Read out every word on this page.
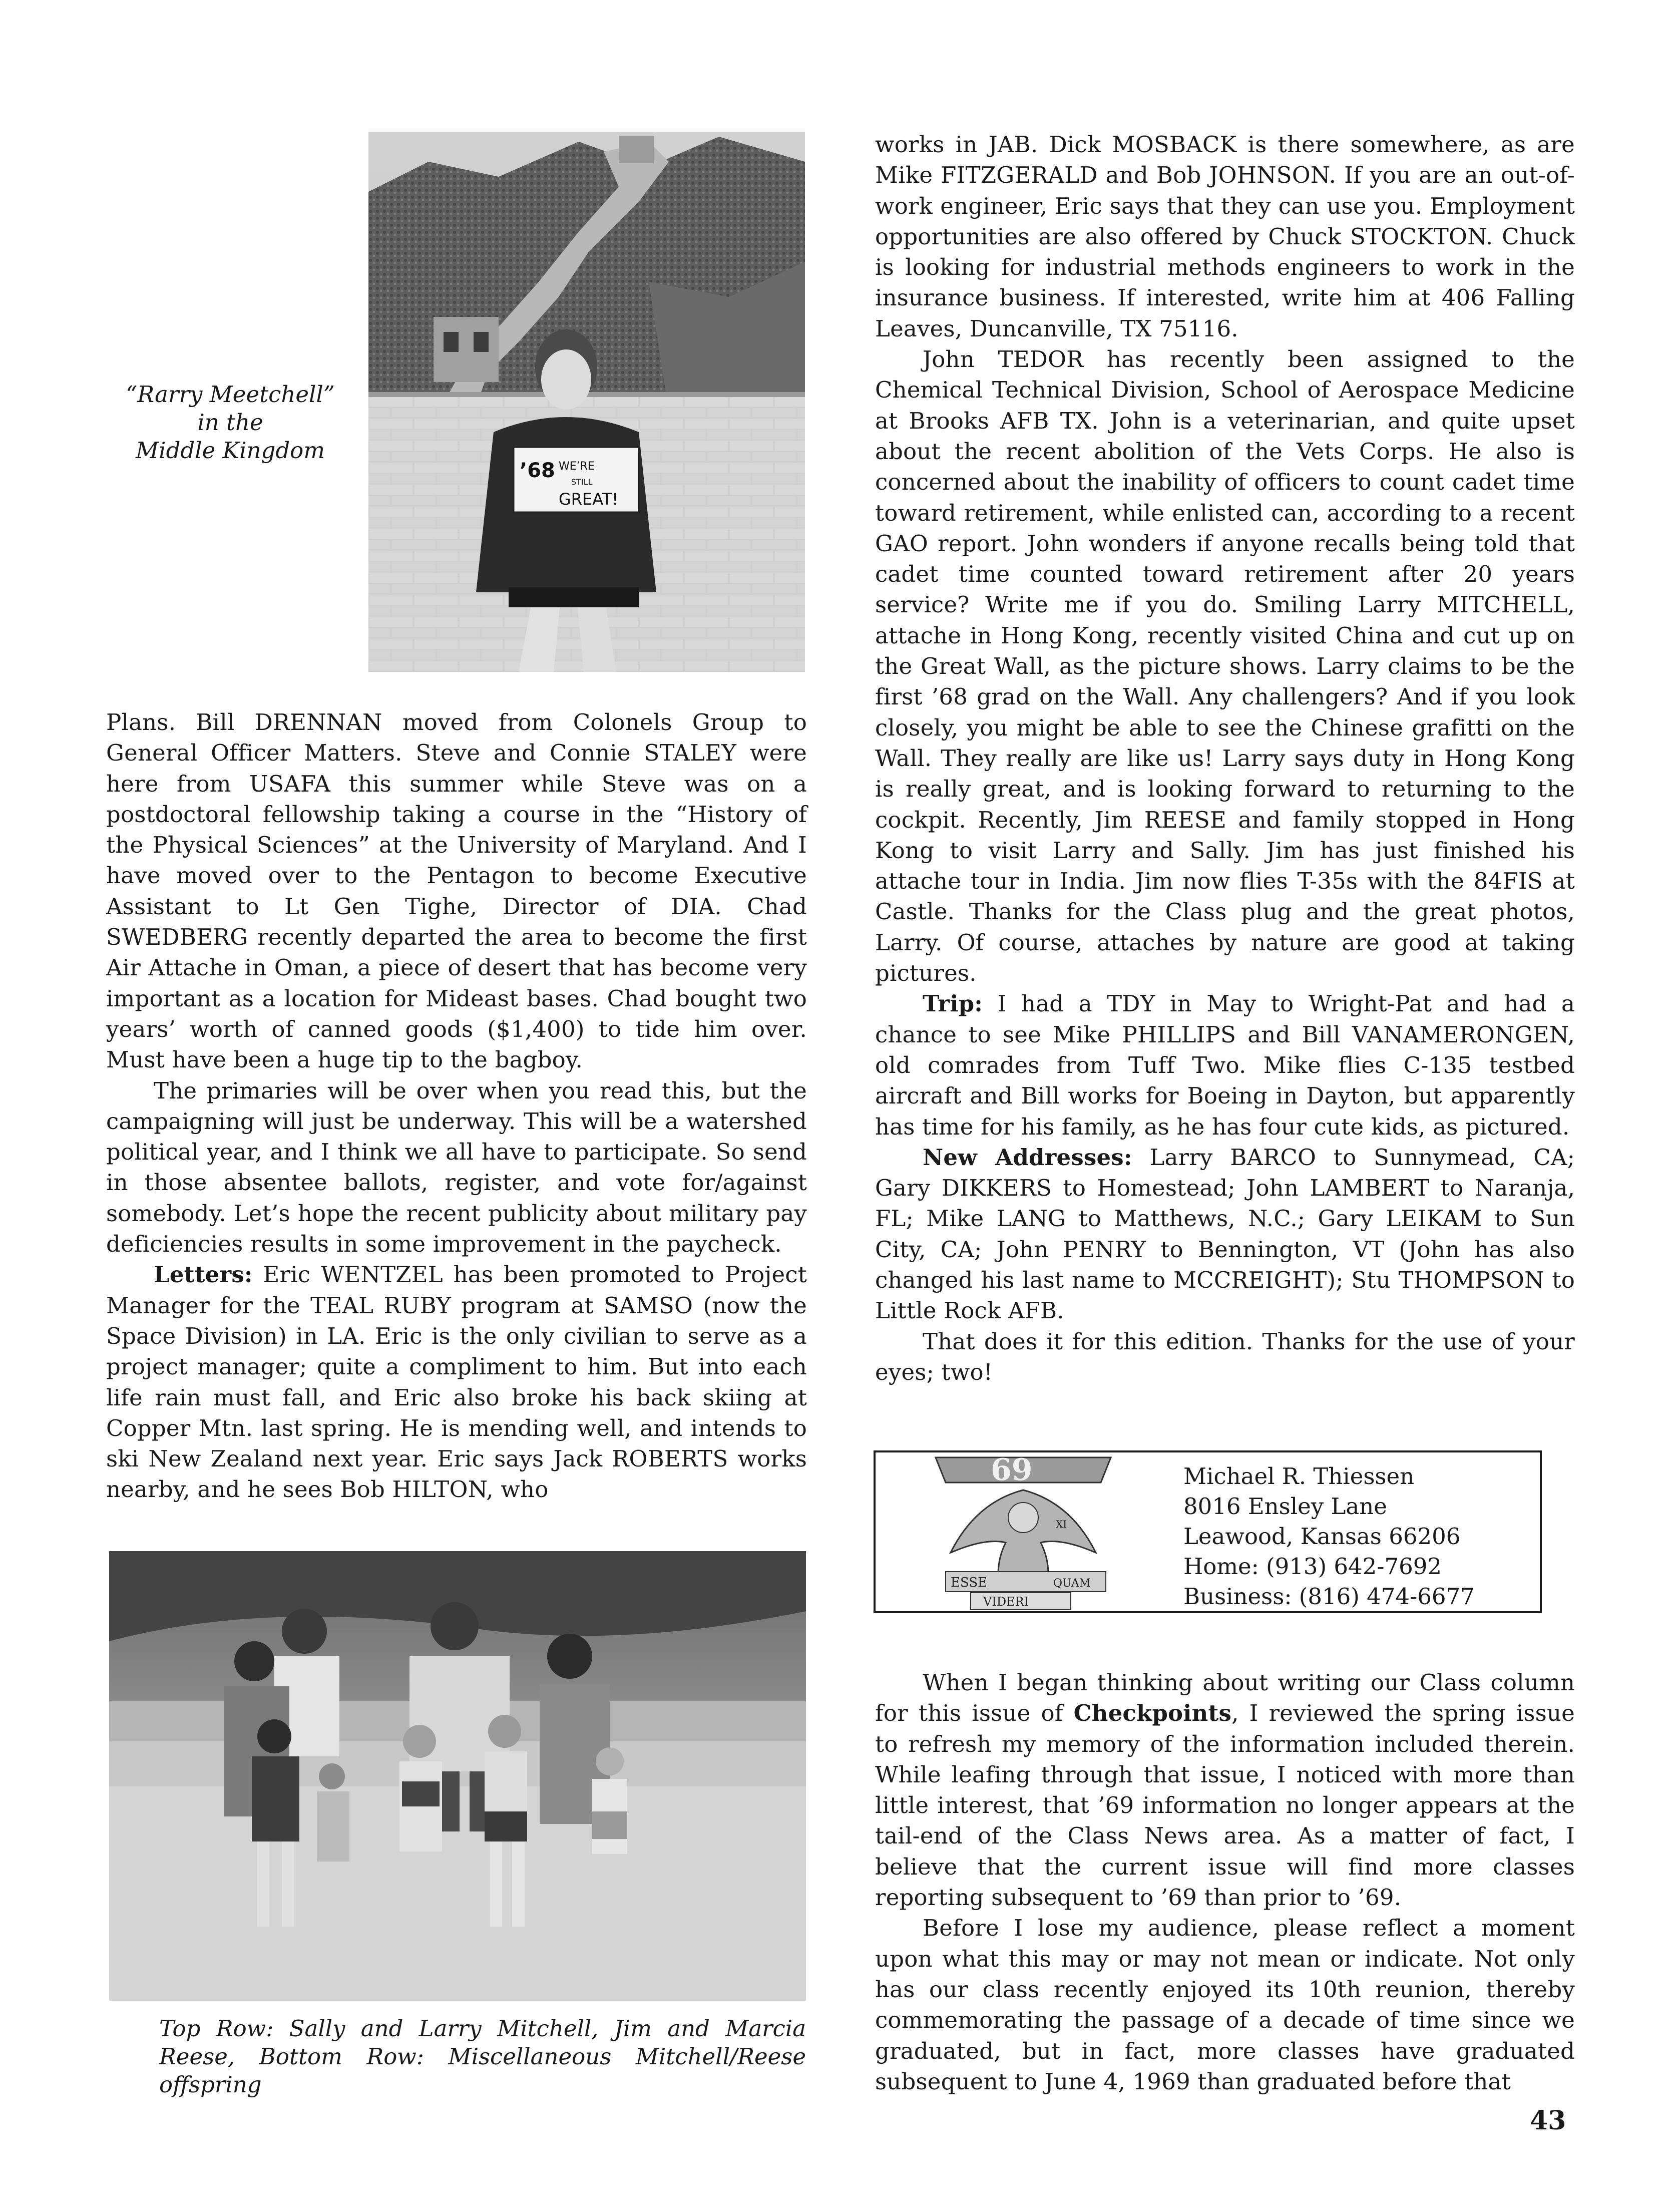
’68 WE’RE
STILL
GREAT!
“Rarry Meetchell”
in the
Middle Kingdom

Plans. Bill DRENNAN moved from Colonels Group to General Officer Matters. Steve and Connie STALEY were here from USAFA this summer while Steve was on a postdoctoral fellowship taking a course in the “History of the Physical Sciences” at the University of Maryland. And I have moved over to the Pentagon to become Executive Assistant to Lt Gen Tighe, Director of DIA. Chad SWEDBERG recently departed the area to become the first Air Attache in Oman, a piece of desert that has become very important as a location for Mideast bases. Chad bought two years’ worth of canned goods ($1,400) to tide him over. Must have been a huge tip to the bagboy.

The primaries will be over when you read this, but the campaigning will just be underway. This will be a watershed political year, and I think we all have to participate. So send in those absentee ballots, register, and vote for/against somebody. Let’s hope the recent publicity about military pay deficiencies results in some improvement in the paycheck.

Letters: Eric WENTZEL has been promoted to Project Manager for the TEAL RUBY program at SAMSO (now the Space Division) in LA. Eric is the only civilian to serve as a project manager; quite a compliment to him. But into each life rain must fall, and Eric also broke his back skiing at Copper Mtn. last spring. He is mending well, and intends to ski New Zealand next year. Eric says Jack ROBERTS works nearby, and he sees Bob HILTON, who

Top Row: Sally and Larry Mitchell, Jim and Marcia Reese, Bottom Row: Miscellaneous Mitchell/Reese offspring

works in JAB. Dick MOSBACK is there somewhere, as are Mike FITZGERALD and Bob JOHNSON. If you are an out-of-work engineer, Eric says that they can use you. Employment opportunities are also offered by Chuck STOCKTON. Chuck is looking for industrial methods engineers to work in the insurance business. If interested, write him at 406 Falling Leaves, Duncanville, TX 75116.

John TEDOR has recently been assigned to the Chemical Technical Division, School of Aerospace Medicine at Brooks AFB TX. John is a veterinarian, and quite upset about the recent abolition of the Vets Corps. He also is concerned about the inability of officers to count cadet time toward retirement, while enlisted can, according to a recent GAO report. John wonders if anyone recalls being told that cadet time counted toward retirement after 20 years service? Write me if you do. Smiling Larry MITCHELL, attache in Hong Kong, recently visited China and cut up on the Great Wall, as the picture shows. Larry claims to be the first ’68 grad on the Wall. Any challengers? And if you look closely, you might be able to see the Chinese grafitti on the Wall. They really are like us! Larry says duty in Hong Kong is really great, and is looking forward to returning to the cockpit. Recently, Jim REESE and family stopped in Hong Kong to visit Larry and Sally. Jim has just finished his attache tour in India. Jim now flies T-35s with the 84FIS at Castle. Thanks for the Class plug and the great photos, Larry. Of course, attaches by nature are good at taking pictures.

Trip: I had a TDY in May to Wright-Pat and had a chance to see Mike PHILLIPS and Bill VANAMERONGEN, old comrades from Tuff Two. Mike flies C-135 testbed aircraft and Bill works for Boeing in Dayton, but apparently has time for his family, as he has four cute kids, as pictured.

New Addresses: Larry BARCO to Sunnymead, CA; Gary DIKKERS to Homestead; John LAMBERT to Naranja, FL; Mike LANG to Matthews, N.C.; Gary LEIKAM to Sun City, CA; John PENRY to Bennington, VT (John has also changed his last name to MCCREIGHT); Stu THOMPSON to Little Rock AFB.

That does it for this edition. Thanks for the use of your eyes; two!

69
XI
ESSE	QUAM
VIDERI
Michael R. Thiessen
8016 Ensley Lane
Leawood, Kansas 66206
Home: (913) 642-7692
Business: (816) 474-6677

When I began thinking about writing our Class column for this issue of Checkpoints, I reviewed the spring issue to refresh my memory of the information included therein. While leafing through that issue, I noticed with more than little interest, that ’69 information no longer appears at the tail-end of the Class News area. As a matter of fact, I believe that the current issue will find more classes reporting subsequent to ’69 than prior to ’69.

Before I lose my audience, please reflect a moment upon what this may or may not mean or indicate. Not only has our class recently enjoyed its 10th reunion, thereby commemorating the passage of a decade of time since we graduated, but in fact, more classes have graduated subsequent to June 4, 1969 than graduated before that

43
